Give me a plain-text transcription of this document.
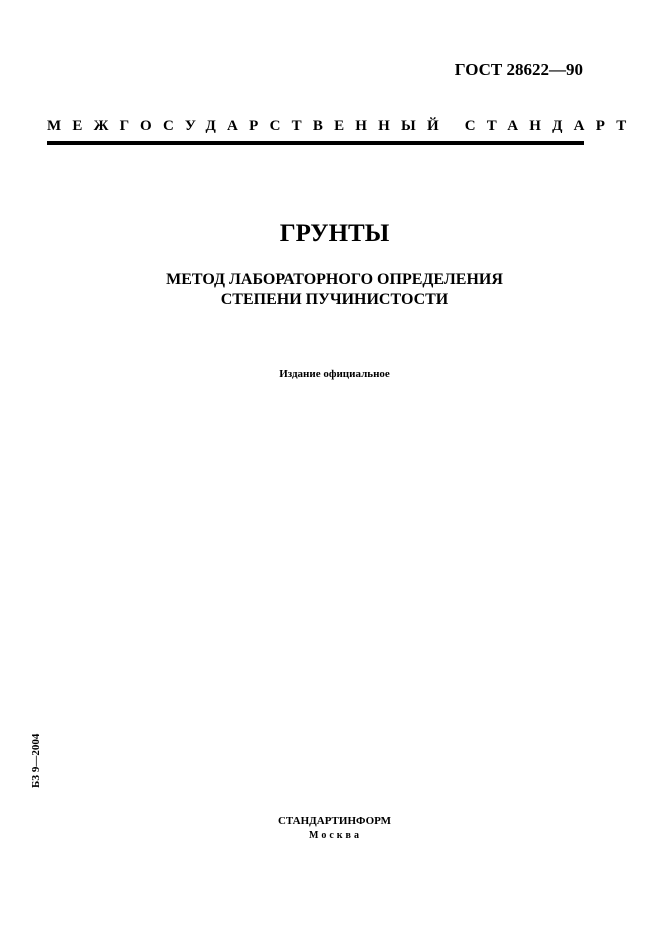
ГОСТ 28622—90
МЕЖГОСУДАРСТВЕННЫЙ СТАНДАРТ
ГРУНТЫ
МЕТОД ЛАБОРАТОРНОГО ОПРЕДЕЛЕНИЯ
СТЕПЕНИ ПУЧИНИСТОСТИ
Издание официальное
БЗ 9—2004
СТАНДАРТИНФОРМ
Москва
